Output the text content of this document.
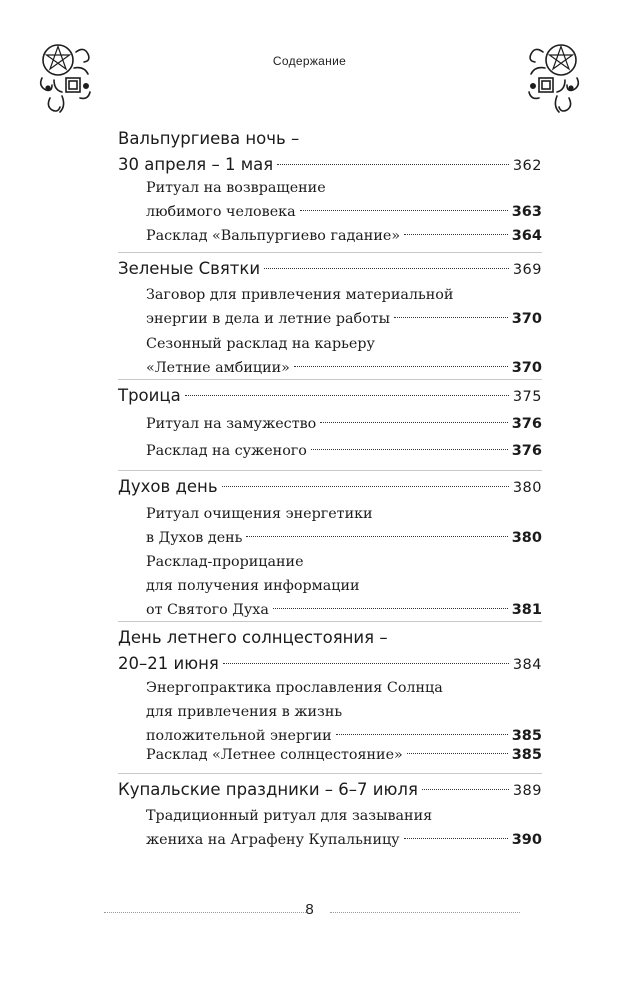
Содержание
Вальпургиева ночь –
30 апреля – 1 мая	362
Ритуал на возвращение
любимого человека	363
Расклад «Вальпургиево гадание»	364
Зеленые Святки	369
Заговор для привлечения материальной
энергии в дела и летние работы	370
Сезонный расклад на карьеру
«Летние амбиции»	370
Троица	375
Ритуал на замужество	376
Расклад на суженого	376
Духов день	380
Ритуал очищения энергетики
в Духов день	380
Расклад-прорицание
для получения информации
от Святого Духа	381
День летнего солнцестояния –
20–21 июня	384
Энергопрактика прославления Солнца
для привлечения в жизнь
положительной энергии	385
Расклад «Летнее солнцестояние»	385
Купальские праздники – 6–7 июля	389
Традиционный ритуал для зазывания
жениха на Аграфену Купальницу	390
8
